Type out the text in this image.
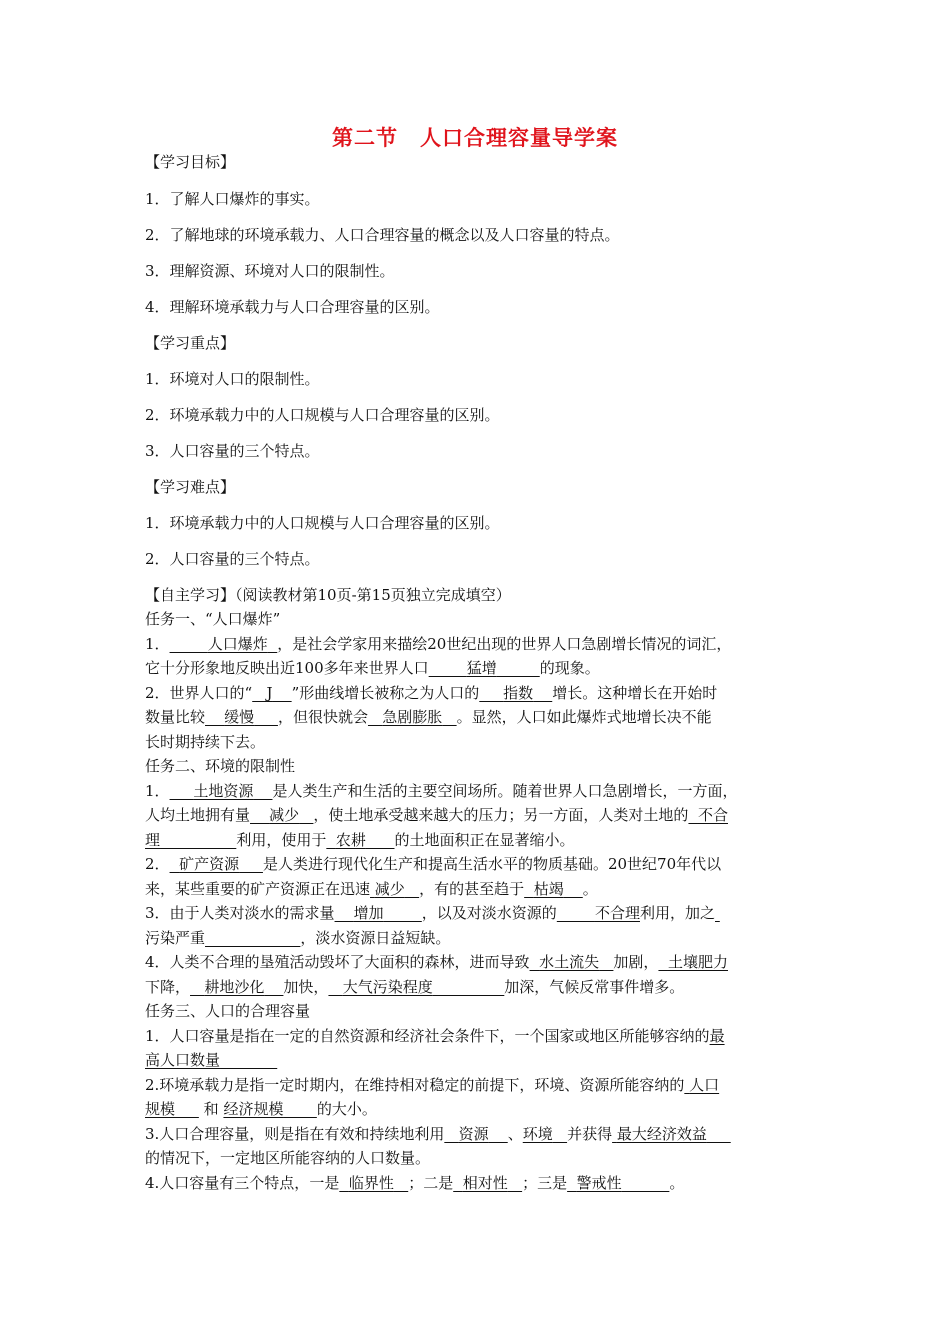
第二节　人口合理容量导学案
【学习目标】
1．了解人口爆炸的事实。
2．了解地球的环境承载力、人口合理容量的概念以及人口容量的特点。
3．理解资源、环境对人口的限制性。
4．理解环境承载力与人口合理容量的区别。
【学习重点】
1．环境对人口的限制性。
2．环境承载力中的人口规模与人口合理容量的区别。
3．人口容量的三个特点。
【学习难点】
1．环境承载力中的人口规模与人口合理容量的区别。
2．人口容量的三个特点。
【自主学习】（阅读教材第10页-第15页独立完成填空）
任务一、“人口爆炸”
1．	人口爆炸 ，是社会学家用来描绘20世纪出现的世界人口急剧增长情况的词汇，
它十分形象地反映出近100多年来世界人口	猛增	的现象。
2．世界人口的“ J ”形曲线增长被称之为人口的 指数 增长。这种增长在开始时
数量比较 缓慢 ，但很快就会 急剧膨胀 。显然，人口如此爆炸式地增长决不能
长时期持续下去。
任务二、环境的限制性
1． 土地资源 是人类生产和生活的主要空间场所。随着世界人口急剧增长，一方面，
人均土地拥有量 减少 ，使土地承受越来越大的压力；另一方面，人类对土地的 不合
理	利用，使用于 农耕 的土地面积正在显著缩小。
2． 矿产资源 是人类进行现代化生产和提高生活水平的物质基础。20世纪70年代以
来，某些重要的矿产资源正在迅速 减少 ，有的甚至趋于 枯竭 。
3．由于人类对淡水的需求量 增加	，以及对淡水资源的	不合理利用，加之
污染严重	，淡水资源日益短缺。
4．人类不合理的垦殖活动毁坏了大面积的森林，进而导致 水土流失 加剧， 土壤肥力
下降， 耕地沙化 加快， 大气污染程度	加深，气候反常事件增多。
任务三、人口的合理容量
1．人口容量是指在一定的自然资源和经济社会条件下，一个国家或地区所能够容纳的最
高人口数量
2.环境承载力是指一定时期内，在维持相对稳定的前提下，环境、资源所能容纳的 人口
规模 和 经济规模 的大小。
3.人口合理容量，则是指在有效和持续地利用 资源 、环境 并获得 最大经济效益
的情况下，一定地区所能容纳的人口数量。
4.人口容量有三个特点，一是 临界性 ；二是 相对性 ；三是 警戒性	。
